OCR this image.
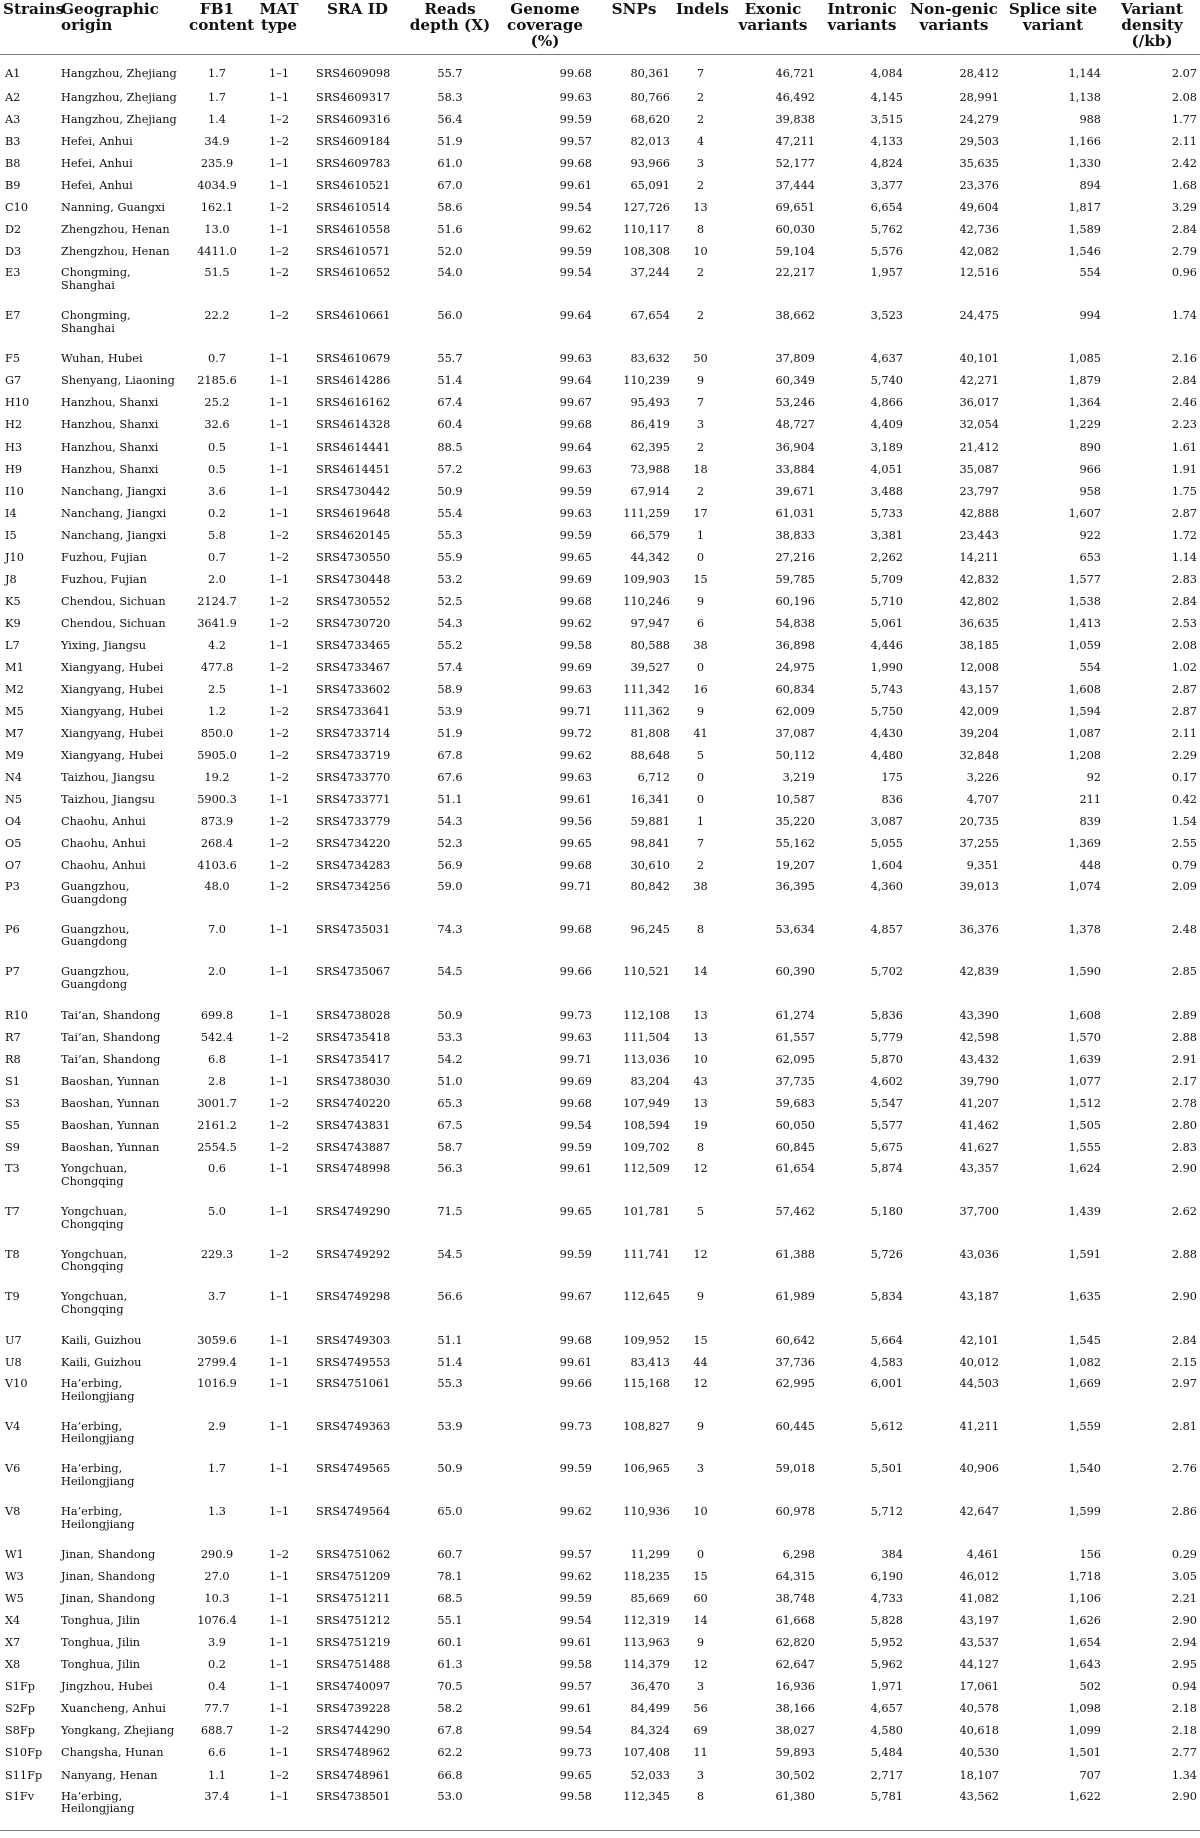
Strains	Geographic origin	FB1 content	MAT type	SRA ID	Reads depth (X)	Genome coverage (%)	SNPs	Indels	Exonic variants	Intronic variants	Non-genic variants	Splice site variant	Variant density (/kb)
A1	Hangzhou, Zhejiang	1.7	1–1	SRS4609098	55.7	99.68	80,361	7	46,721	4,084	28,412	1,144	2.07
A2	Hangzhou, Zhejiang	1.7	1–1	SRS4609317	58.3	99.63	80,766	2	46,492	4,145	28,991	1,138	2.08
A3	Hangzhou, Zhejiang	1.4	1–2	SRS4609316	56.4	99.59	68,620	2	39,838	3,515	24,279	988	1.77
B3	Hefei, Anhui	34.9	1–2	SRS4609184	51.9	99.57	82,013	4	47,211	4,133	29,503	1,166	2.11
B8	Hefei, Anhui	235.9	1–1	SRS4609783	61.0	99.68	93,966	3	52,177	4,824	35,635	1,330	2.42
B9	Hefei, Anhui	4034.9	1–1	SRS4610521	67.0	99.61	65,091	2	37,444	3,377	23,376	894	1.68
C10	Nanning, Guangxi	162.1	1–2	SRS4610514	58.6	99.54	127,726	13	69,651	6,654	49,604	1,817	3.29
D2	Zhengzhou, Henan	13.0	1–1	SRS4610558	51.6	99.62	110,117	8	60,030	5,762	42,736	1,589	2.84
D3	Zhengzhou, Henan	4411.0	1–2	SRS4610571	52.0	99.59	108,308	10	59,104	5,576	42,082	1,546	2.79
E3	Chongming, Shanghai	51.5	1–2	SRS4610652	54.0	99.54	37,244	2	22,217	1,957	12,516	554	0.96
E7	Chongming, Shanghai	22.2	1–2	SRS4610661	56.0	99.64	67,654	2	38,662	3,523	24,475	994	1.74
F5	Wuhan, Hubei	0.7	1–1	SRS4610679	55.7	99.63	83,632	50	37,809	4,637	40,101	1,085	2.16
G7	Shenyang, Liaoning	2185.6	1–1	SRS4614286	51.4	99.64	110,239	9	60,349	5,740	42,271	1,879	2.84
H10	Hanzhou, Shanxi	25.2	1–1	SRS4616162	67.4	99.67	95,493	7	53,246	4,866	36,017	1,364	2.46
H2	Hanzhou, Shanxi	32.6	1–1	SRS4614328	60.4	99.68	86,419	3	48,727	4,409	32,054	1,229	2.23
H3	Hanzhou, Shanxi	0.5	1–1	SRS4614441	88.5	99.64	62,395	2	36,904	3,189	21,412	890	1.61
H9	Hanzhou, Shanxi	0.5	1–1	SRS4614451	57.2	99.63	73,988	18	33,884	4,051	35,087	966	1.91
I10	Nanchang, Jiangxi	3.6	1–1	SRS4730442	50.9	99.59	67,914	2	39,671	3,488	23,797	958	1.75
I4	Nanchang, Jiangxi	0.2	1–1	SRS4619648	55.4	99.63	111,259	17	61,031	5,733	42,888	1,607	2.87
I5	Nanchang, Jiangxi	5.8	1–2	SRS4620145	55.3	99.59	66,579	1	38,833	3,381	23,443	922	1.72
J10	Fuzhou, Fujian	0.7	1–2	SRS4730550	55.9	99.65	44,342	0	27,216	2,262	14,211	653	1.14
J8	Fuzhou, Fujian	2.0	1–1	SRS4730448	53.2	99.69	109,903	15	59,785	5,709	42,832	1,577	2.83
K5	Chendou, Sichuan	2124.7	1–2	SRS4730552	52.5	99.68	110,246	9	60,196	5,710	42,802	1,538	2.84
K9	Chendou, Sichuan	3641.9	1–2	SRS4730720	54.3	99.62	97,947	6	54,838	5,061	36,635	1,413	2.53
L7	Yixing, Jiangsu	4.2	1–1	SRS4733465	55.2	99.58	80,588	38	36,898	4,446	38,185	1,059	2.08
M1	Xiangyang, Hubei	477.8	1–2	SRS4733467	57.4	99.69	39,527	0	24,975	1,990	12,008	554	1.02
M2	Xiangyang, Hubei	2.5	1–1	SRS4733602	58.9	99.63	111,342	16	60,834	5,743	43,157	1,608	2.87
M5	Xiangyang, Hubei	1.2	1–2	SRS4733641	53.9	99.71	111,362	9	62,009	5,750	42,009	1,594	2.87
M7	Xiangyang, Hubei	850.0	1–2	SRS4733714	51.9	99.72	81,808	41	37,087	4,430	39,204	1,087	2.11
M9	Xiangyang, Hubei	5905.0	1–2	SRS4733719	67.8	99.62	88,648	5	50,112	4,480	32,848	1,208	2.29
N4	Taizhou, Jiangsu	19.2	1–2	SRS4733770	67.6	99.63	6,712	0	3,219	175	3,226	92	0.17
N5	Taizhou, Jiangsu	5900.3	1–1	SRS4733771	51.1	99.61	16,341	0	10,587	836	4,707	211	0.42
O4	Chaohu, Anhui	873.9	1–2	SRS4733779	54.3	99.56	59,881	1	35,220	3,087	20,735	839	1.54
O5	Chaohu, Anhui	268.4	1–2	SRS4734220	52.3	99.65	98,841	7	55,162	5,055	37,255	1,369	2.55
O7	Chaohu, Anhui	4103.6	1–2	SRS4734283	56.9	99.68	30,610	2	19,207	1,604	9,351	448	0.79
P3	Guangzhou, Guangdong	48.0	1–2	SRS4734256	59.0	99.71	80,842	38	36,395	4,360	39,013	1,074	2.09
P6	Guangzhou, Guangdong	7.0	1–1	SRS4735031	74.3	99.68	96,245	8	53,634	4,857	36,376	1,378	2.48
P7	Guangzhou, Guangdong	2.0	1–1	SRS4735067	54.5	99.66	110,521	14	60,390	5,702	42,839	1,590	2.85
R10	Tai’an, Shandong	699.8	1–1	SRS4738028	50.9	99.73	112,108	13	61,274	5,836	43,390	1,608	2.89
R7	Tai’an, Shandong	542.4	1–2	SRS4735418	53.3	99.63	111,504	13	61,557	5,779	42,598	1,570	2.88
R8	Tai’an, Shandong	6.8	1–1	SRS4735417	54.2	99.71	113,036	10	62,095	5,870	43,432	1,639	2.91
S1	Baoshan, Yunnan	2.8	1–1	SRS4738030	51.0	99.69	83,204	43	37,735	4,602	39,790	1,077	2.17
S3	Baoshan, Yunnan	3001.7	1–2	SRS4740220	65.3	99.68	107,949	13	59,683	5,547	41,207	1,512	2.78
S5	Baoshan, Yunnan	2161.2	1–2	SRS4743831	67.5	99.54	108,594	19	60,050	5,577	41,462	1,505	2.80
S9	Baoshan, Yunnan	2554.5	1–2	SRS4743887	58.7	99.59	109,702	8	60,845	5,675	41,627	1,555	2.83
T3	Yongchuan, Chongqing	0.6	1–1	SRS4748998	56.3	99.61	112,509	12	61,654	5,874	43,357	1,624	2.90
T7	Yongchuan, Chongqing	5.0	1–1	SRS4749290	71.5	99.65	101,781	5	57,462	5,180	37,700	1,439	2.62
T8	Yongchuan, Chongqing	229.3	1–2	SRS4749292	54.5	99.59	111,741	12	61,388	5,726	43,036	1,591	2.88
T9	Yongchuan, Chongqing	3.7	1–1	SRS4749298	56.6	99.67	112,645	9	61,989	5,834	43,187	1,635	2.90
U7	Kaili, Guizhou	3059.6	1–1	SRS4749303	51.1	99.68	109,952	15	60,642	5,664	42,101	1,545	2.84
U8	Kaili, Guizhou	2799.4	1–1	SRS4749553	51.4	99.61	83,413	44	37,736	4,583	40,012	1,082	2.15
V10	Ha’erbing, Heilongjiang	1016.9	1–1	SRS4751061	55.3	99.66	115,168	12	62,995	6,001	44,503	1,669	2.97
V4	Ha’erbing, Heilongjiang	2.9	1–1	SRS4749363	53.9	99.73	108,827	9	60,445	5,612	41,211	1,559	2.81
V6	Ha’erbing, Heilongjiang	1.7	1–1	SRS4749565	50.9	99.59	106,965	3	59,018	5,501	40,906	1,540	2.76
V8	Ha’erbing, Heilongjiang	1.3	1–1	SRS4749564	65.0	99.62	110,936	10	60,978	5,712	42,647	1,599	2.86
W1	Jinan, Shandong	290.9	1–2	SRS4751062	60.7	99.57	11,299	0	6,298	384	4,461	156	0.29
W3	Jinan, Shandong	27.0	1–1	SRS4751209	78.1	99.62	118,235	15	64,315	6,190	46,012	1,718	3.05
W5	Jinan, Shandong	10.3	1–1	SRS4751211	68.5	99.59	85,669	60	38,748	4,733	41,082	1,106	2.21
X4	Tonghua, Jilin	1076.4	1–1	SRS4751212	55.1	99.54	112,319	14	61,668	5,828	43,197	1,626	2.90
X7	Tonghua, Jilin	3.9	1–1	SRS4751219	60.1	99.61	113,963	9	62,820	5,952	43,537	1,654	2.94
X8	Tonghua, Jilin	0.2	1–1	SRS4751488	61.3	99.58	114,379	12	62,647	5,962	44,127	1,643	2.95
S1Fp	Jingzhou, Hubei	0.4	1–1	SRS4740097	70.5	99.57	36,470	3	16,936	1,971	17,061	502	0.94
S2Fp	Xuancheng, Anhui	77.7	1–1	SRS4739228	58.2	99.61	84,499	56	38,166	4,657	40,578	1,098	2.18
S8Fp	Yongkang, Zhejiang	688.7	1–2	SRS4744290	67.8	99.54	84,324	69	38,027	4,580	40,618	1,099	2.18
S10Fp	Changsha, Hunan	6.6	1–1	SRS4748962	62.2	99.73	107,408	11	59,893	5,484	40,530	1,501	2.77
S11Fp	Nanyang, Henan	1.1	1–2	SRS4748961	66.8	99.65	52,033	3	30,502	2,717	18,107	707	1.34
S1Fv	Ha’erbing, Heilongjiang	37.4	1–1	SRS4738501	53.0	99.58	112,345	8	61,380	5,781	43,562	1,622	2.90
